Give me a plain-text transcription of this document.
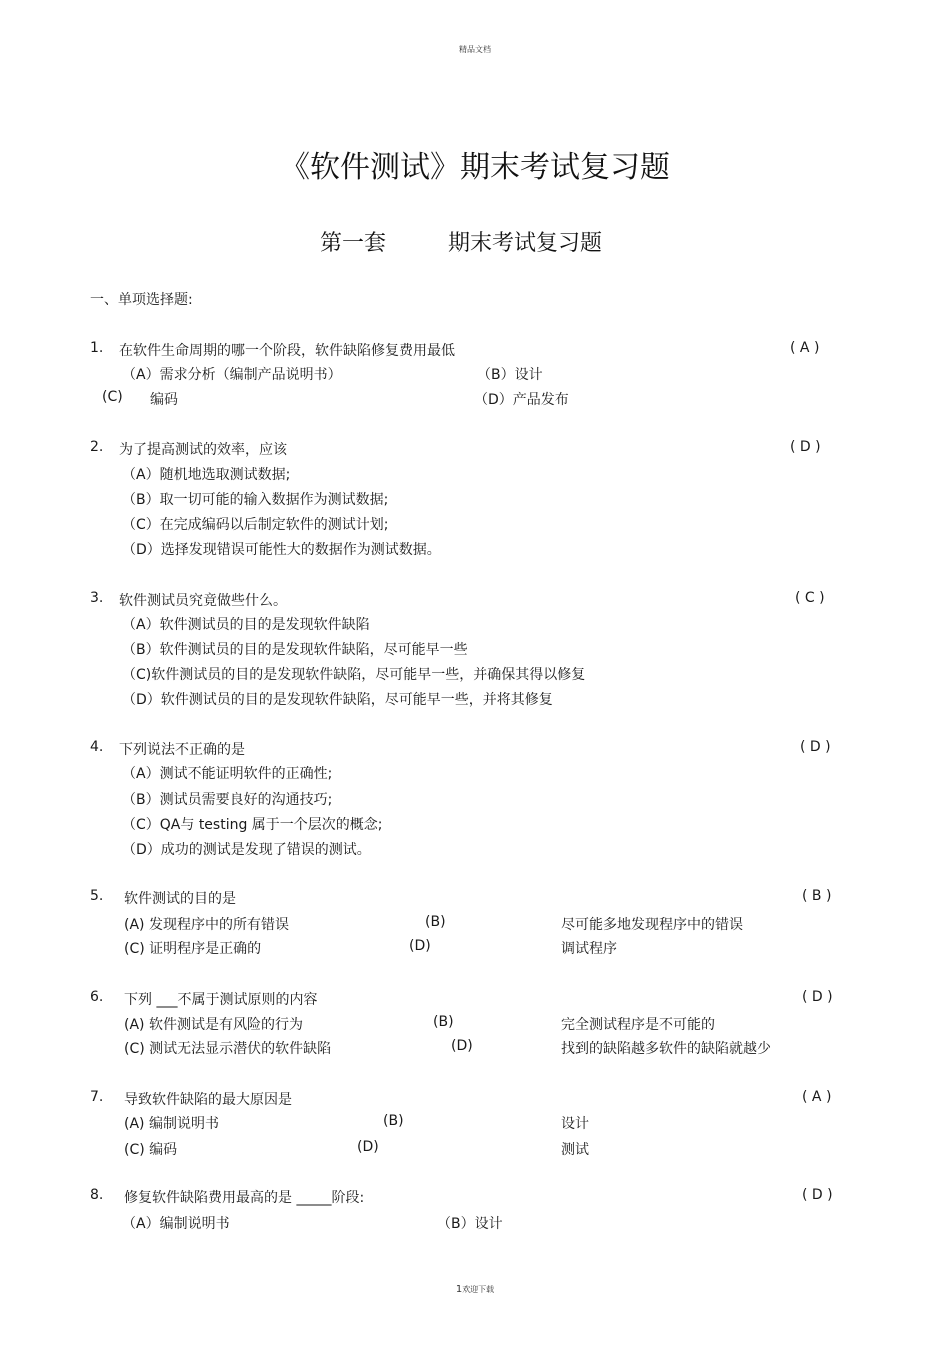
精品文档
《软件测试》期末考试复习题
第一套	期末考试复习题
一、单项选择题:
1. 在软件生命周期的哪一个阶段，软件缺陷修复费用最低	( A )
（A）需求分析（编制产品说明书）	（B）设计
(C) 编码	（D）产品发布
2. 为了提高测试的效率，应该	( D )
（A）随机地选取测试数据;
（B）取一切可能的输入数据作为测试数据;
（C）在完成编码以后制定软件的测试计划;
（D）选择发现错误可能性大的数据作为测试数据。
3. 软件测试员究竟做些什么。	( C )
（A）软件测试员的目的是发现软件缺陷
（B）软件测试员的目的是发现软件缺陷，尽可能早一些
（C)软件测试员的目的是发现软件缺陷，尽可能早一些，并确保其得以修复
（D）软件测试员的目的是发现软件缺陷，尽可能早一些，并将其修复
4. 下列说法不正确的是	( D )
（A）测试不能证明软件的正确性;
（B）测试员需要良好的沟通技巧;
（C）QA与 testing 属于一个层次的概念;
（D）成功的测试是发现了错误的测试。
5. 软件测试的目的是	( B )
(A) 发现程序中的所有错误	(B)	尽可能多地发现程序中的错误
(C) 证明程序是正确的	(D)	调试程序
6. 下列 ___不属于测试原则的内容	( D )
(A) 软件测试是有风险的行为	(B)	完全测试程序是不可能的
(C) 测试无法显示潜伏的软件缺陷	(D)	找到的缺陷越多软件的缺陷就越少
7. 导致软件缺陷的最大原因是	( A )
(A) 编制说明书	(B)	设计
(C) 编码	(D)	测试
8. 修复软件缺陷费用最高的是 _____阶段:	( D )
（A）编制说明书	（B）设计
1欢迎下载
